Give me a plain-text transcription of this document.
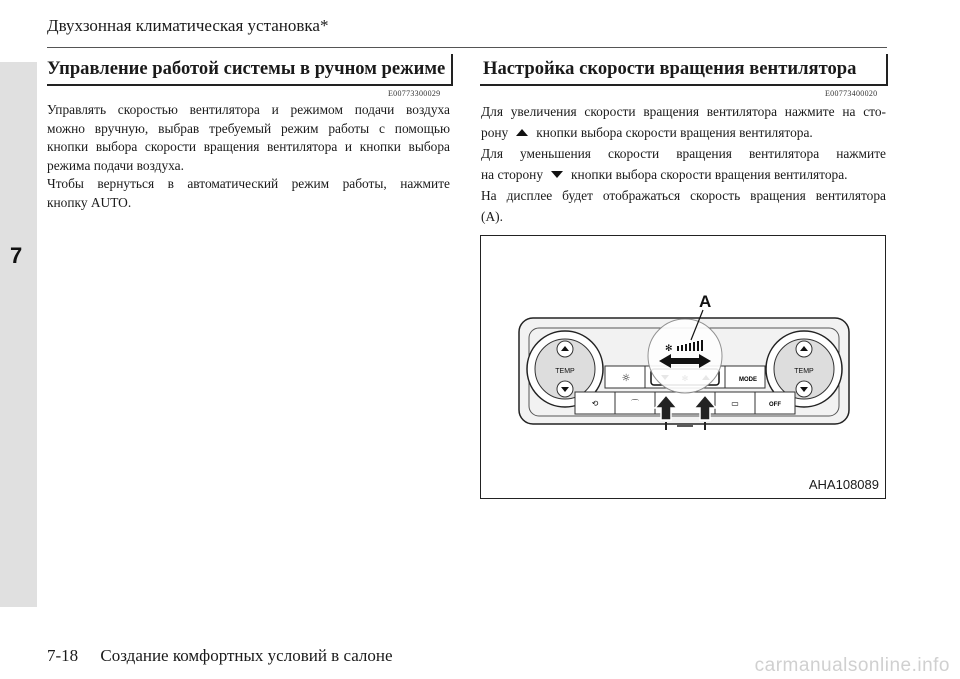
7
Двухзонная климатическая установка*
Управление работой системы в ручном режиме
E00773300029
Управлять скоростью вентилятора и режимом подачи воздуха
можно вручную, выбрав требуемый режим работы с помощью
кнопки выбора скорости вращения вентилятора и кнопки выбора
режима подачи воздуха.
Чтобы вернуться в автоматический режим работы, нажмите
кнопку AUTO.
Настройка скорости вращения вентилятора
E00773400020
Для увеличения скорости вращения вентилятора нажмите на сто-
рону кнопки выбора скорости вращения вентилятора.
Для уменьшения скорости вращения вентилятора нажмите
на сторону кнопки выбора скорости вращения вентилятора.
На дисплее будет отображаться скорость вращения вентилятора
(A).
TEMP	TEMP
☼	MODE
⟲	⌒	▭	OFF
✻
A
AHA108089
7-18 Создание комфортных условий в салоне	carmanualsonline.info
